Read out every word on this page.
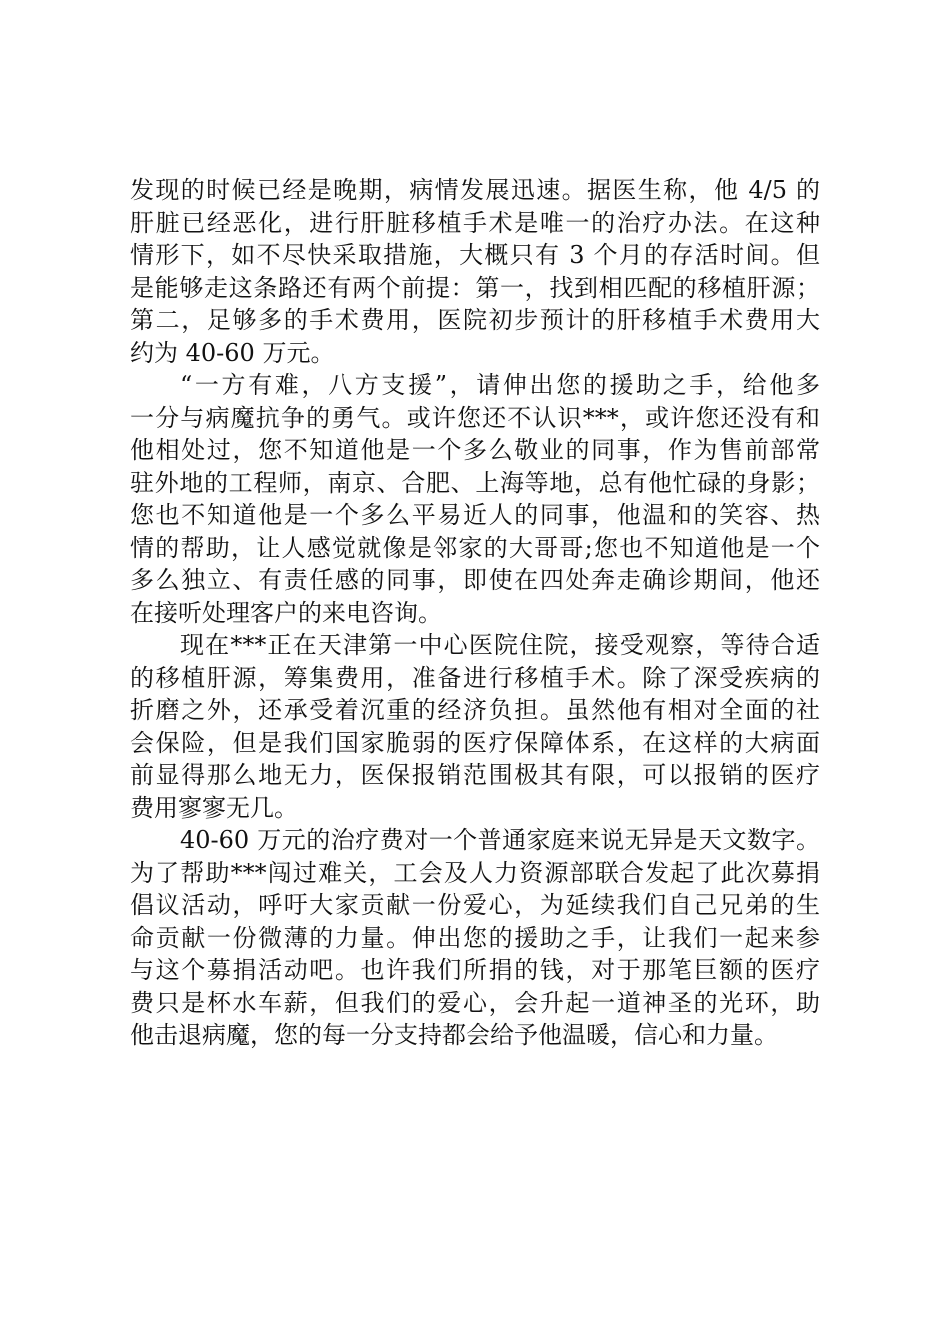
发现的时候已经是晚期，病情发展迅速。据医生称，他 4/5 的
肝脏已经恶化，进行肝脏移植手术是唯一的治疗办法。在这种
情形下，如不尽快采取措施，大概只有 3 个月的存活时间。但
是能够走这条路还有两个前提：第一，找到相匹配的移植肝源；
第二，足够多的手术费用，医院初步预计的肝移植手术费用大
约为 40-60 万元。
“一方有难，八方支援”，请伸出您的援助之手，给他多
一分与病魔抗争的勇气。或许您还不认识***，或许您还没有和
他相处过，您不知道他是一个多么敬业的同事，作为售前部常
驻外地的工程师，南京、合肥、上海等地，总有他忙碌的身影；
您也不知道他是一个多么平易近人的同事，他温和的笑容、热
情的帮助，让人感觉就像是邻家的大哥哥;您也不知道他是一个
多么独立、有责任感的同事，即使在四处奔走确诊期间，他还
在接听处理客户的来电咨询。
现在***正在天津第一中心医院住院，接受观察，等待合适
的移植肝源，筹集费用，准备进行移植手术。除了深受疾病的
折磨之外，还承受着沉重的经济负担。虽然他有相对全面的社
会保险，但是我们国家脆弱的医疗保障体系，在这样的大病面
前显得那么地无力，医保报销范围极其有限，可以报销的医疗
费用寥寥无几。
40-60 万元的治疗费对一个普通家庭来说无异是天文数字。
为了帮助***闯过难关，工会及人力资源部联合发起了此次募捐
倡议活动，呼吁大家贡献一份爱心，为延续我们自己兄弟的生
命贡献一份微薄的力量。伸出您的援助之手，让我们一起来参
与这个募捐活动吧。也许我们所捐的钱，对于那笔巨额的医疗
费只是杯水车薪，但我们的爱心，会升起一道神圣的光环，助
他击退病魔，您的每一分支持都会给予他温暖，信心和力量。
